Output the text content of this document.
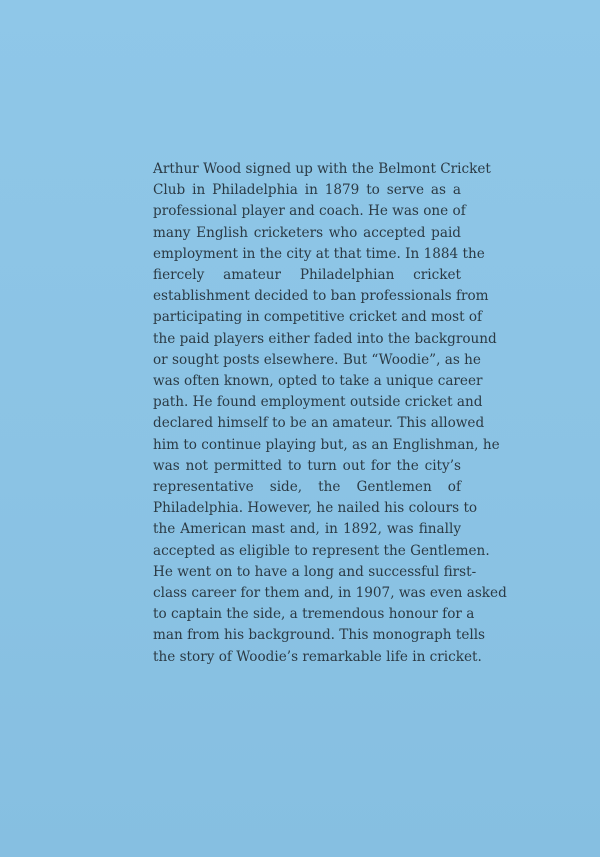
Arthur Wood signed up with the Belmont Cricket
Club in Philadelphia in 1879 to serve as a
professional player and coach. He was one of
many English cricketers who accepted paid
employment in the city at that time. In 1884 the
fiercely amateur Philadelphian cricket
establishment decided to ban professionals from
participating in competitive cricket and most of
the paid players either faded into the background
or sought posts elsewhere. But “Woodie”, as he
was often known, opted to take a unique career
path. He found employment outside cricket and
declared himself to be an amateur. This allowed
him to continue playing but, as an Englishman, he
was not permitted to turn out for the city’s
representative side, the Gentlemen of
Philadelphia. However, he nailed his colours to
the American mast and, in 1892, was finally
accepted as eligible to represent the Gentlemen.
He went on to have a long and successful first-
class career for them and, in 1907, was even asked
to captain the side, a tremendous honour for a
man from his background. This monograph tells
the story of Woodie’s remarkable life in cricket.
